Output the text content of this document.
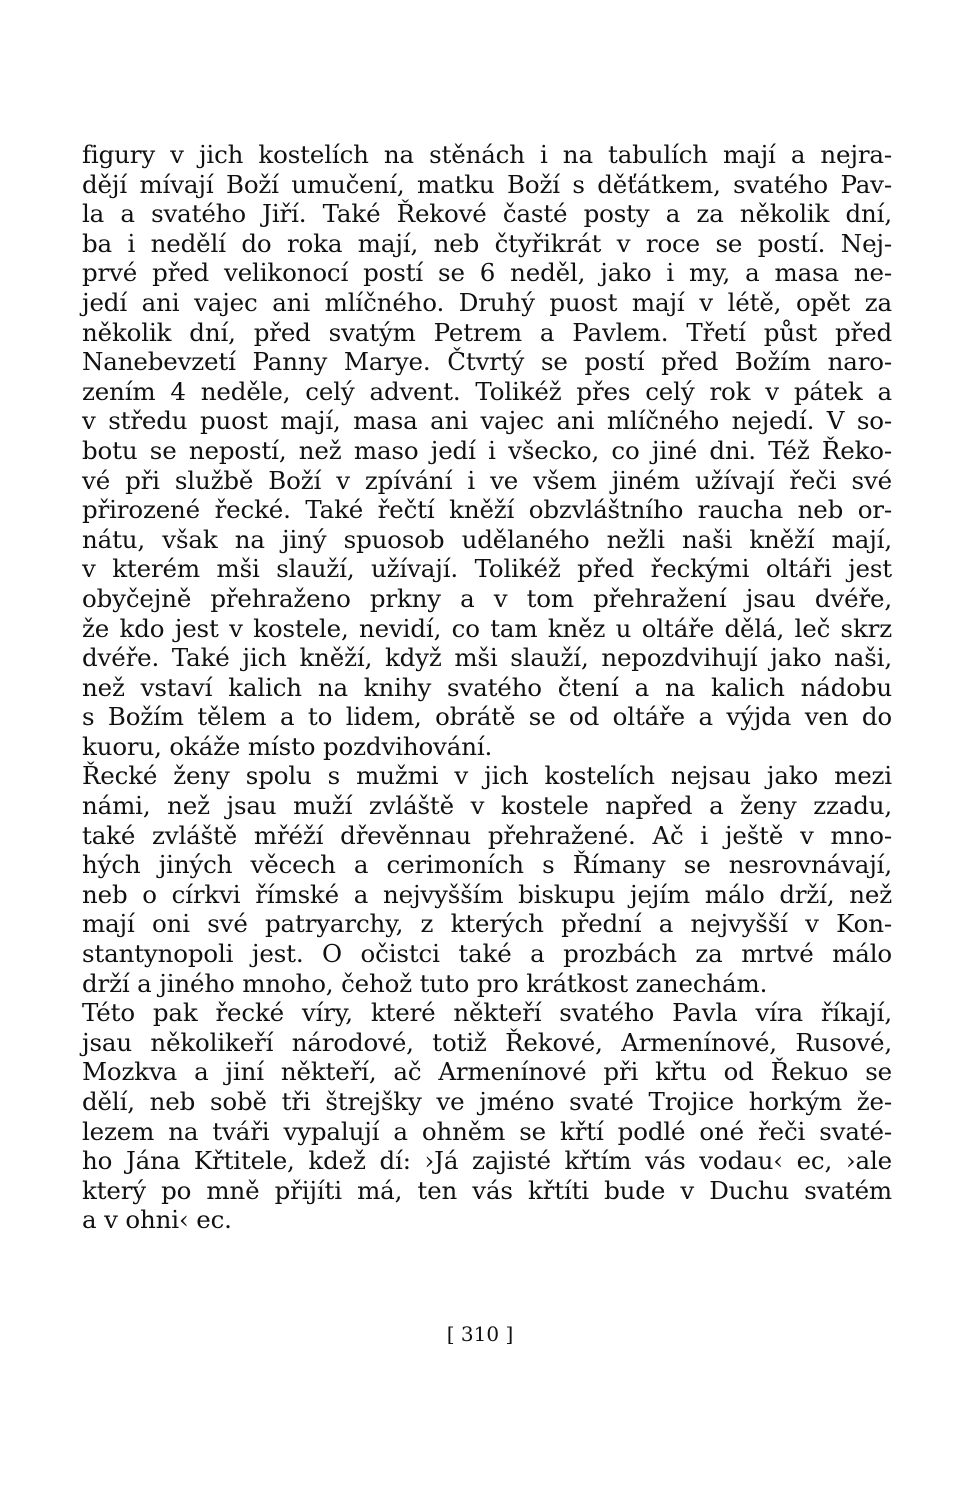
figury v jich kostelích na stěnách i na tabulích mají a nejra-
dějí mívají Boží umučení, matku Boží s děťátkem, svatého Pav-
la a svatého Jiří. Také Řekové časté posty a za několik dní,
ba i nedělí do roka mají, neb čtyřikrát v roce se postí. Nej-
prvé před velikonocí postí se 6 neděl, jako i my, a masa ne-
jedí ani vajec ani mlíčného. Druhý puost mají v létě, opět za
několik dní, před svatým Petrem a Pavlem. Třetí půst před
Nanebevzetí Panny Marye. Čtvrtý se postí před Božím naro-
zením 4 neděle, celý advent. Tolikéž přes celý rok v pátek a
v středu puost mají, masa ani vajec ani mlíčného nejedí. V so-
botu se nepostí, než maso jedí i všecko, co jiné dni. Též Řeko-
vé při službě Boží v zpívání i ve všem jiném užívají řeči své
přirozené řecké. Také řečtí kněží obzvláštního raucha neb or-
nátu, však na jiný spuosob udělaného nežli naši kněží mají,
v kterém mši slauží, užívají. Tolikéž před řeckými oltáři jest
obyčejně přehraženo prkny a v tom přehražení jsau dvéře,
že kdo jest v kostele, nevidí, co tam kněz u oltáře dělá, leč skrz
dvéře. Také jich kněží, když mši slauží, nepozdvihují jako naši,
než vstaví kalich na knihy svatého čtení a na kalich nádobu
s Božím tělem a to lidem, obrátě se od oltáře a výjda ven do
kuoru, okáže místo pozdvihování.
Řecké ženy spolu s mužmi v jich kostelích nejsau jako mezi
námi, než jsau muží zvláště v kostele napřed a ženy zzadu,
také zvláště mřéží dřevěnnau přehražené. Ač i ještě v mno-
hých jiných věcech a cerimoních s Římany se nesrovnávají,
neb o církvi římské a nejvyšším biskupu jejím málo drží, než
mají oni své patryarchy, z kterých přední a nejvyšší v Kon-
stantynopoli jest. O očistci také a prozbách za mrtvé málo
drží a jiného mnoho, čehož tuto pro krátkost zanechám.
Této pak řecké víry, které někteří svatého Pavla víra říkají,
jsau několikeří národové, totiž Řekové, Armenínové, Rusové,
Mozkva a jiní někteří, ač Armenínové při křtu od Řekuo se
dělí, neb sobě tři štrejšky ve jméno svaté Trojice horkým že-
lezem na tváři vypalují a ohněm se křtí podlé oné řeči svaté-
ho Jána Křtitele, kdež dí: ›Já zajisté křtím vás vodau‹ ec, ›ale
který po mně přijíti má, ten vás křtíti bude v Duchu svatém
a v ohni‹ ec.
[ 310 ]
